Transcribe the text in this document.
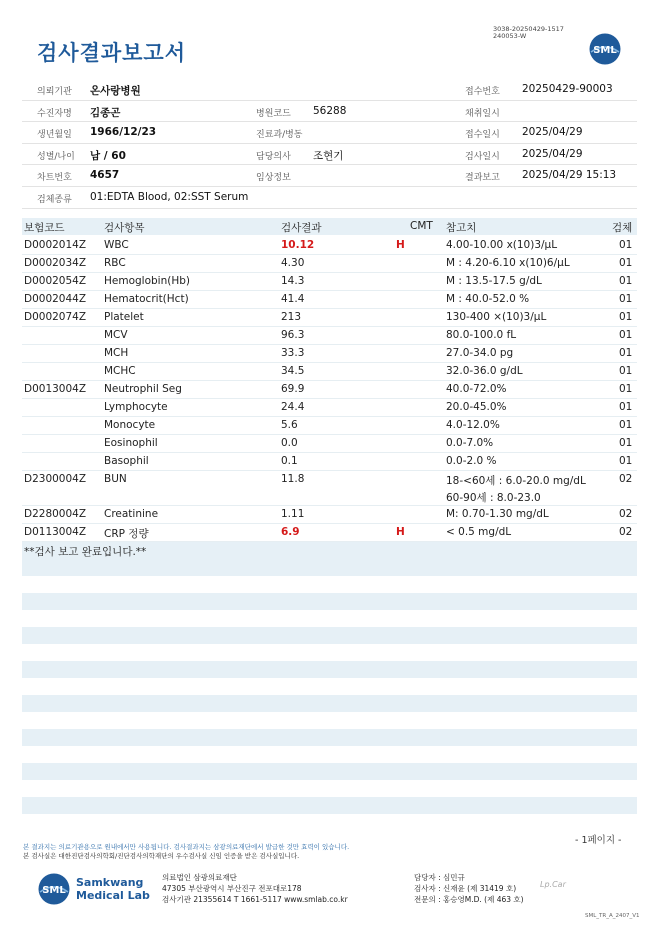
검사결과보고서
3038-20250429-1517
240053-W
SML
의뢰기관 온사랑병원	접수번호 20250429-90003
수진자명 김종곤	병원코드 56288	채취일시
생년월일 1966/12/23	진료과/병동	접수일시 2025/04/29
성별/나이 남 / 60	담당의사 조현기	검사일시 2025/04/29
차트번호 4657	임상정보	결과보고 2025/04/29 15:13
검체종류 01:EDTA Blood, 02:SST Serum
보험코드	검사항목	검사결과	CMT 참고치	검체
D0002014Z WBC	10.12	H	4.00-10.00 x(10)3/μL	01
D0002034Z RBC	4.30	M : 4.20-6.10 x(10)6/μL	01
D0002054Z Hemoglobin(Hb)	14.3	M : 13.5-17.5 g/dL	01
D0002044Z Hematocrit(Hct)	41.4	M : 40.0-52.0 %	01
D0002074Z Platelet	213	130-400 ×(10)3/μL	01
MCV	96.3	80.0-100.0 fL	01
MCH	33.3	27.0-34.0 pg	01
MCHC	34.5	32.0-36.0 g/dL	01
D0013004Z Neutrophil Seg	69.9	40.0-72.0%	01
Lymphocyte	24.4	20.0-45.0%	01
Monocyte	5.6	4.0-12.0%	01
Eosinophil	0.0	0.0-7.0%	01
Basophil	0.1	0.0-2.0 %	01
D2300004Z BUN	11.8	18-<60세 : 6.0-20.0 mg/dL	02
60-90세 : 8.0-23.0
D2280004Z Creatinine	1.11	M: 0.70-1.30 mg/dL	02
D0113004Z CRP 정량	6.9	H	< 0.5 mg/dL	02
**검사 보고 완료입니다.**
- 1페이지 -
본 결과지는 의료기관용으로 원내에서만 사용됩니다. 검사결과지는 삼광의료재단에서 발급한 것만 효력이 있습니다.
본 검사실은 대한진단검사의학회/진단검사의학재단의 우수검사실 신임 인증을 받은 검사실입니다.
SML
Samkwang
Medical Lab
의료법인 삼광의료재단
47305 부산광역시 부산진구 전포대로178
검사기관 21355614 T 1661-5117 www.smlab.co.kr
담당자 : 심민규
검사자 : 신재윤 (제 31419 호)
전문의 : 홍승영M.D. (제 463 호)
Lp.Car
SML_TR_A_2407_V1
